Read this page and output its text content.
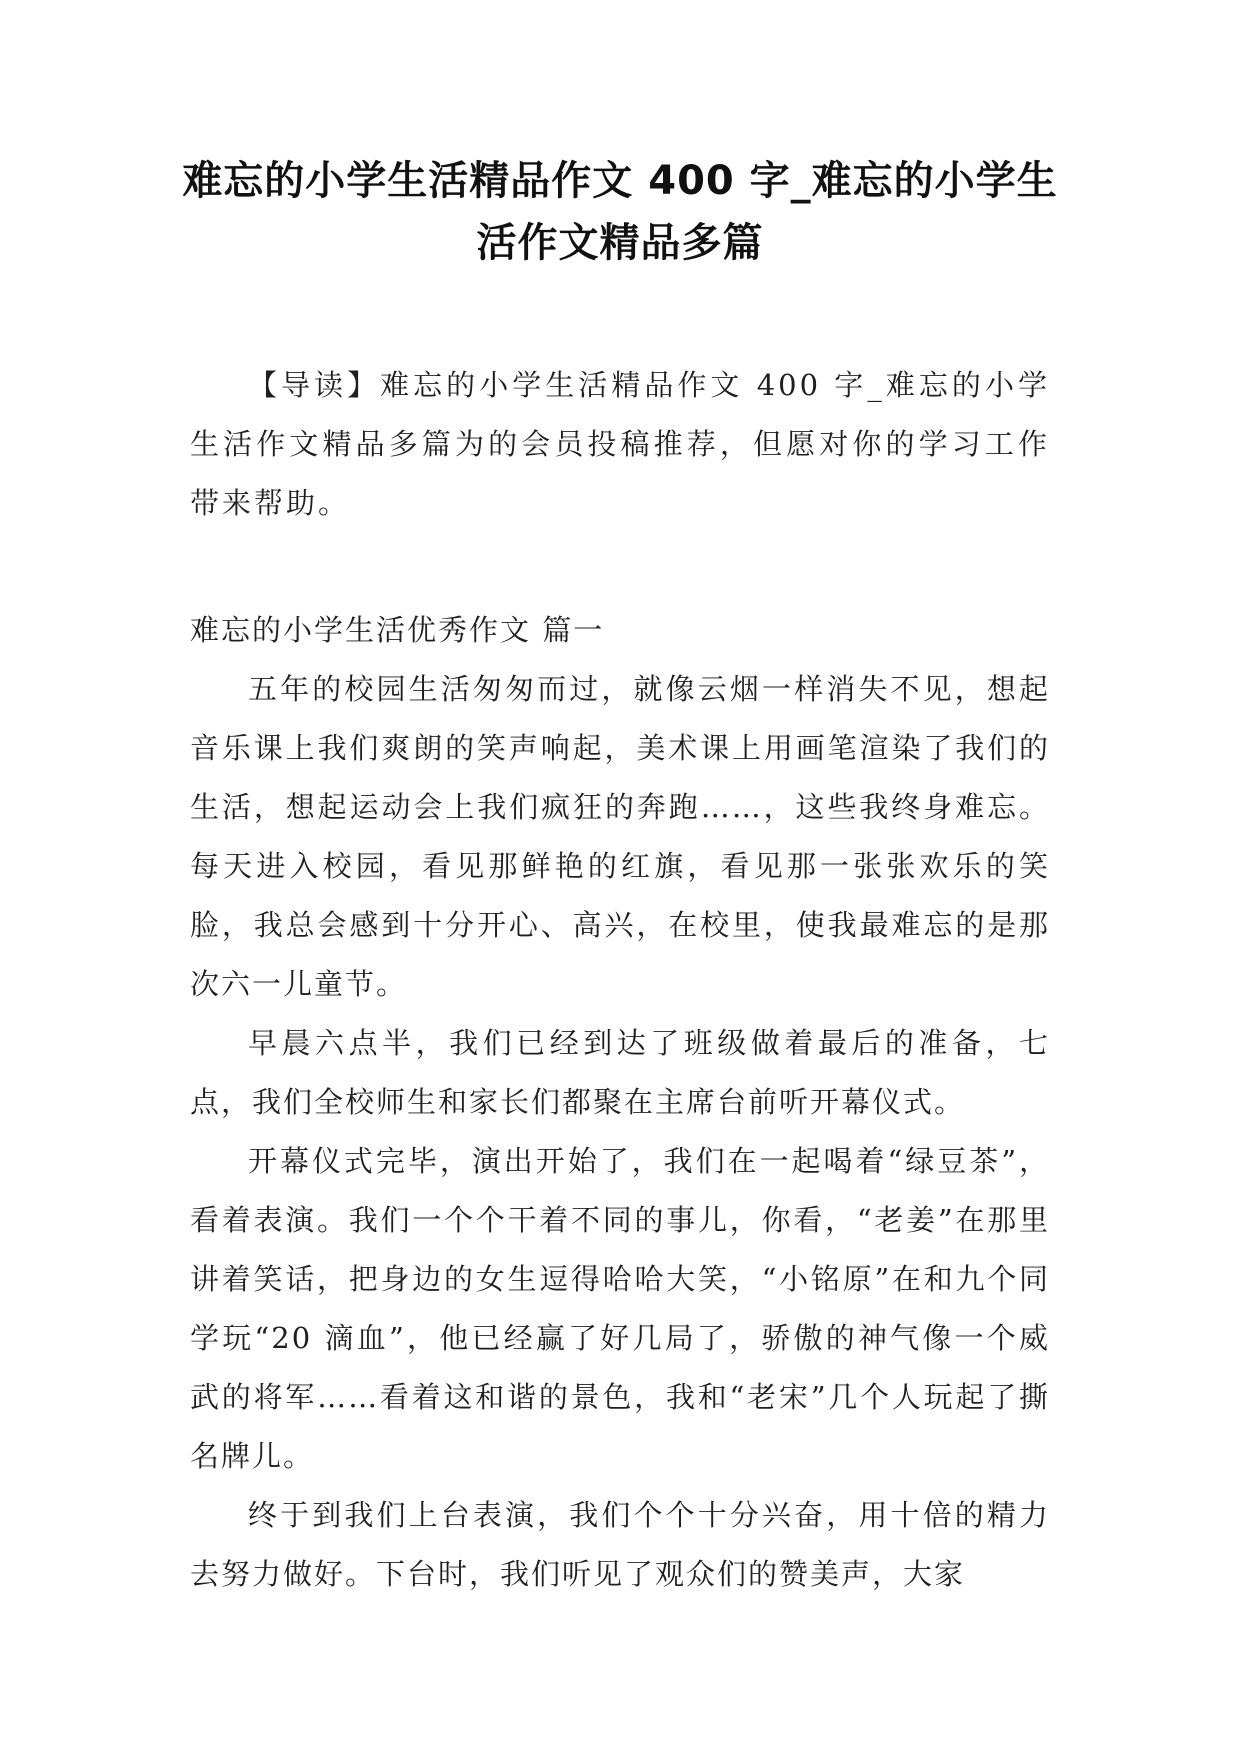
难忘的小学生活精品作文 400 字_难忘的小学生活作文精品多篇

【导读】难忘的小学生活精品作文 400 字_难忘的小学生活作文精品多篇为的会员投稿推荐，但愿对你的学习工作带来帮助。

难忘的小学生活优秀作文 篇一

五年的校园生活匆匆而过，就像云烟一样消失不见，想起音乐课上我们爽朗的笑声响起，美术课上用画笔渲染了我们的生活，想起运动会上我们疯狂的奔跑……，这些我终身难忘。每天进入校园，看见那鲜艳的红旗，看见那一张张欢乐的笑脸，我总会感到十分开心、高兴，在校里，使我最难忘的是那次六一儿童节。

早晨六点半，我们已经到达了班级做着最后的准备，七点，我们全校师生和家长们都聚在主席台前听开幕仪式。

开幕仪式完毕，演出开始了，我们在一起喝着“绿豆茶”，看着表演。我们一个个干着不同的事儿，你看，“老姜”在那里讲着笑话，把身边的女生逗得哈哈大笑，“小铭原”在和九个同学玩“20 滴血”，他已经赢了好几局了，骄傲的神气像一个威武的将军……看着这和谐的景色，我和“老宋”几个人玩起了撕名牌儿。

终于到我们上台表演，我们个个十分兴奋，用十倍的精力去努力做好。下台时，我们听见了观众们的赞美声，大家
